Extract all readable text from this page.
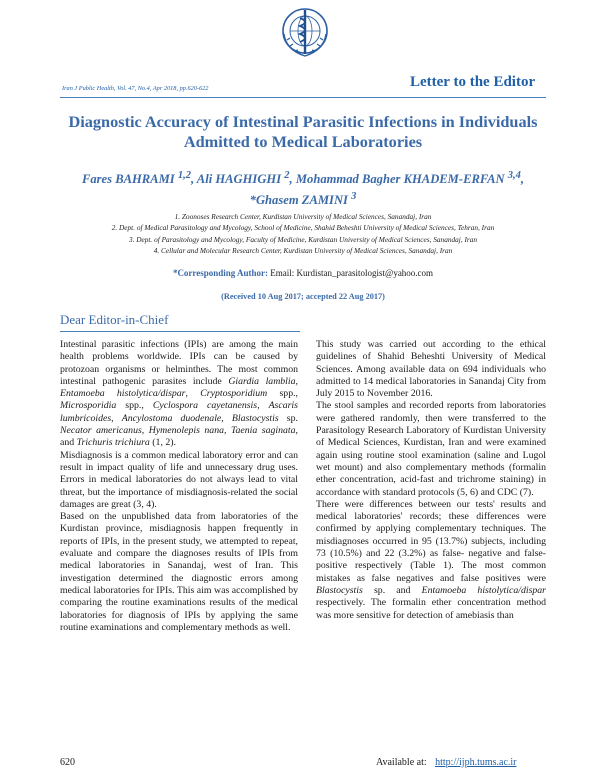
Iran J Public Health, Vol. 47, No.4, Apr 2018, pp.620-622	Letter to the Editor
Diagnostic Accuracy of Intestinal Parasitic Infections in Individuals Admitted to Medical Laboratories
Fares BAHRAMI $^{1,2}$, Ali HAGHIGHI $^2$, Mohammad Bagher KHADEM-ERFAN $^{3,4}$,
*Ghasem ZAMINI $^3$
1. Zoonoses Research Center, Kurdistan University of Medical Sciences, Sanandaj, Iran
2. Dept. of Medical Parasitology and Mycology, School of Medicine, Shahid Beheshti University of Medical Sciences, Tehran, Iran
3. Dept. of Parasitology and Mycology, Faculty of Medicine, Kurdistan University of Medical Sciences, Sanandaj, Iran
4. Cellular and Molecular Research Center, Kurdistan University of Medical Sciences, Sanandaj, Iran
*Corresponding Author: Email: Kurdistan_parasitologist@yahoo.com
(Received 10 Aug 2017; accepted 22 Aug 2017)
Dear Editor-in-Chief

Intestinal parasitic infections (IPIs) are among the main health problems worldwide. IPIs can be caused by protozoan organisms or helminthes. The most common intestinal pathogenic parasites include Giardia lamblia, Entamoeba histolytica/dispar, Cryptosporidium spp., Microsporidia spp., Cyclospora cayetanensis, Ascaris lumbricoides, Ancylostoma duodenale, Blastocystis sp. Necator americanus, Hymenolepis nana, Taenia saginata, and Trichuris trichiura (1, 2).

Misdiagnosis is a common medical laboratory error and can result in impact quality of life and unnecessary drug uses. Errors in medical laboratories do not always lead to vital threat, but the importance of misdiagnosis-related the social damages are great (3, 4).

Based on the unpublished data from laboratories of the Kurdistan province, misdiagnosis happen frequently in reports of IPIs, in the present study, we attempted to repeat, evaluate and compare the diagnoses results of IPIs from medical laboratories in Sanandaj, west of Iran. This investigation determined the diagnostic errors among medical laboratories for IPIs. This aim was accomplished by comparing the routine examinations results of the medical laboratories for diagnosis of IPIs by applying the same routine examinations and complementary methods as well.

This study was carried out according to the ethical guidelines of Shahid Beheshti University of Medical Sciences. Among available data on 694 individuals who admitted to 14 medical laboratories in Sanandaj City from July 2015 to November 2016.

The stool samples and recorded reports from laboratories were gathered randomly, then were transferred to the Parasitology Research Laboratory of Kurdistan University of Medical Sciences, Kurdistan, Iran and were examined again using routine stool examination (saline and Lugol wet mount) and also complementary methods (formalin ether concentration, acid-fast and trichrome staining) in accordance with standard protocols (5, 6) and CDC (7).

There were differences between our tests' results and medical laboratories' records; these differences were confirmed by applying complementary techniques. The misdiagnoses occurred in 95 (13.7%) subjects, including 73 (10.5%) and 22 (3.2%) as false- negative and false- positive respectively (Table 1). The most common mistakes as false negatives and false positives were Blastocystis sp. and Entamoeba histolytica/dispar respectively. The formalin ether concentration method was more sensitive for detection of amebiasis than

620	Available at: http://ijph.tums.ac.ir
